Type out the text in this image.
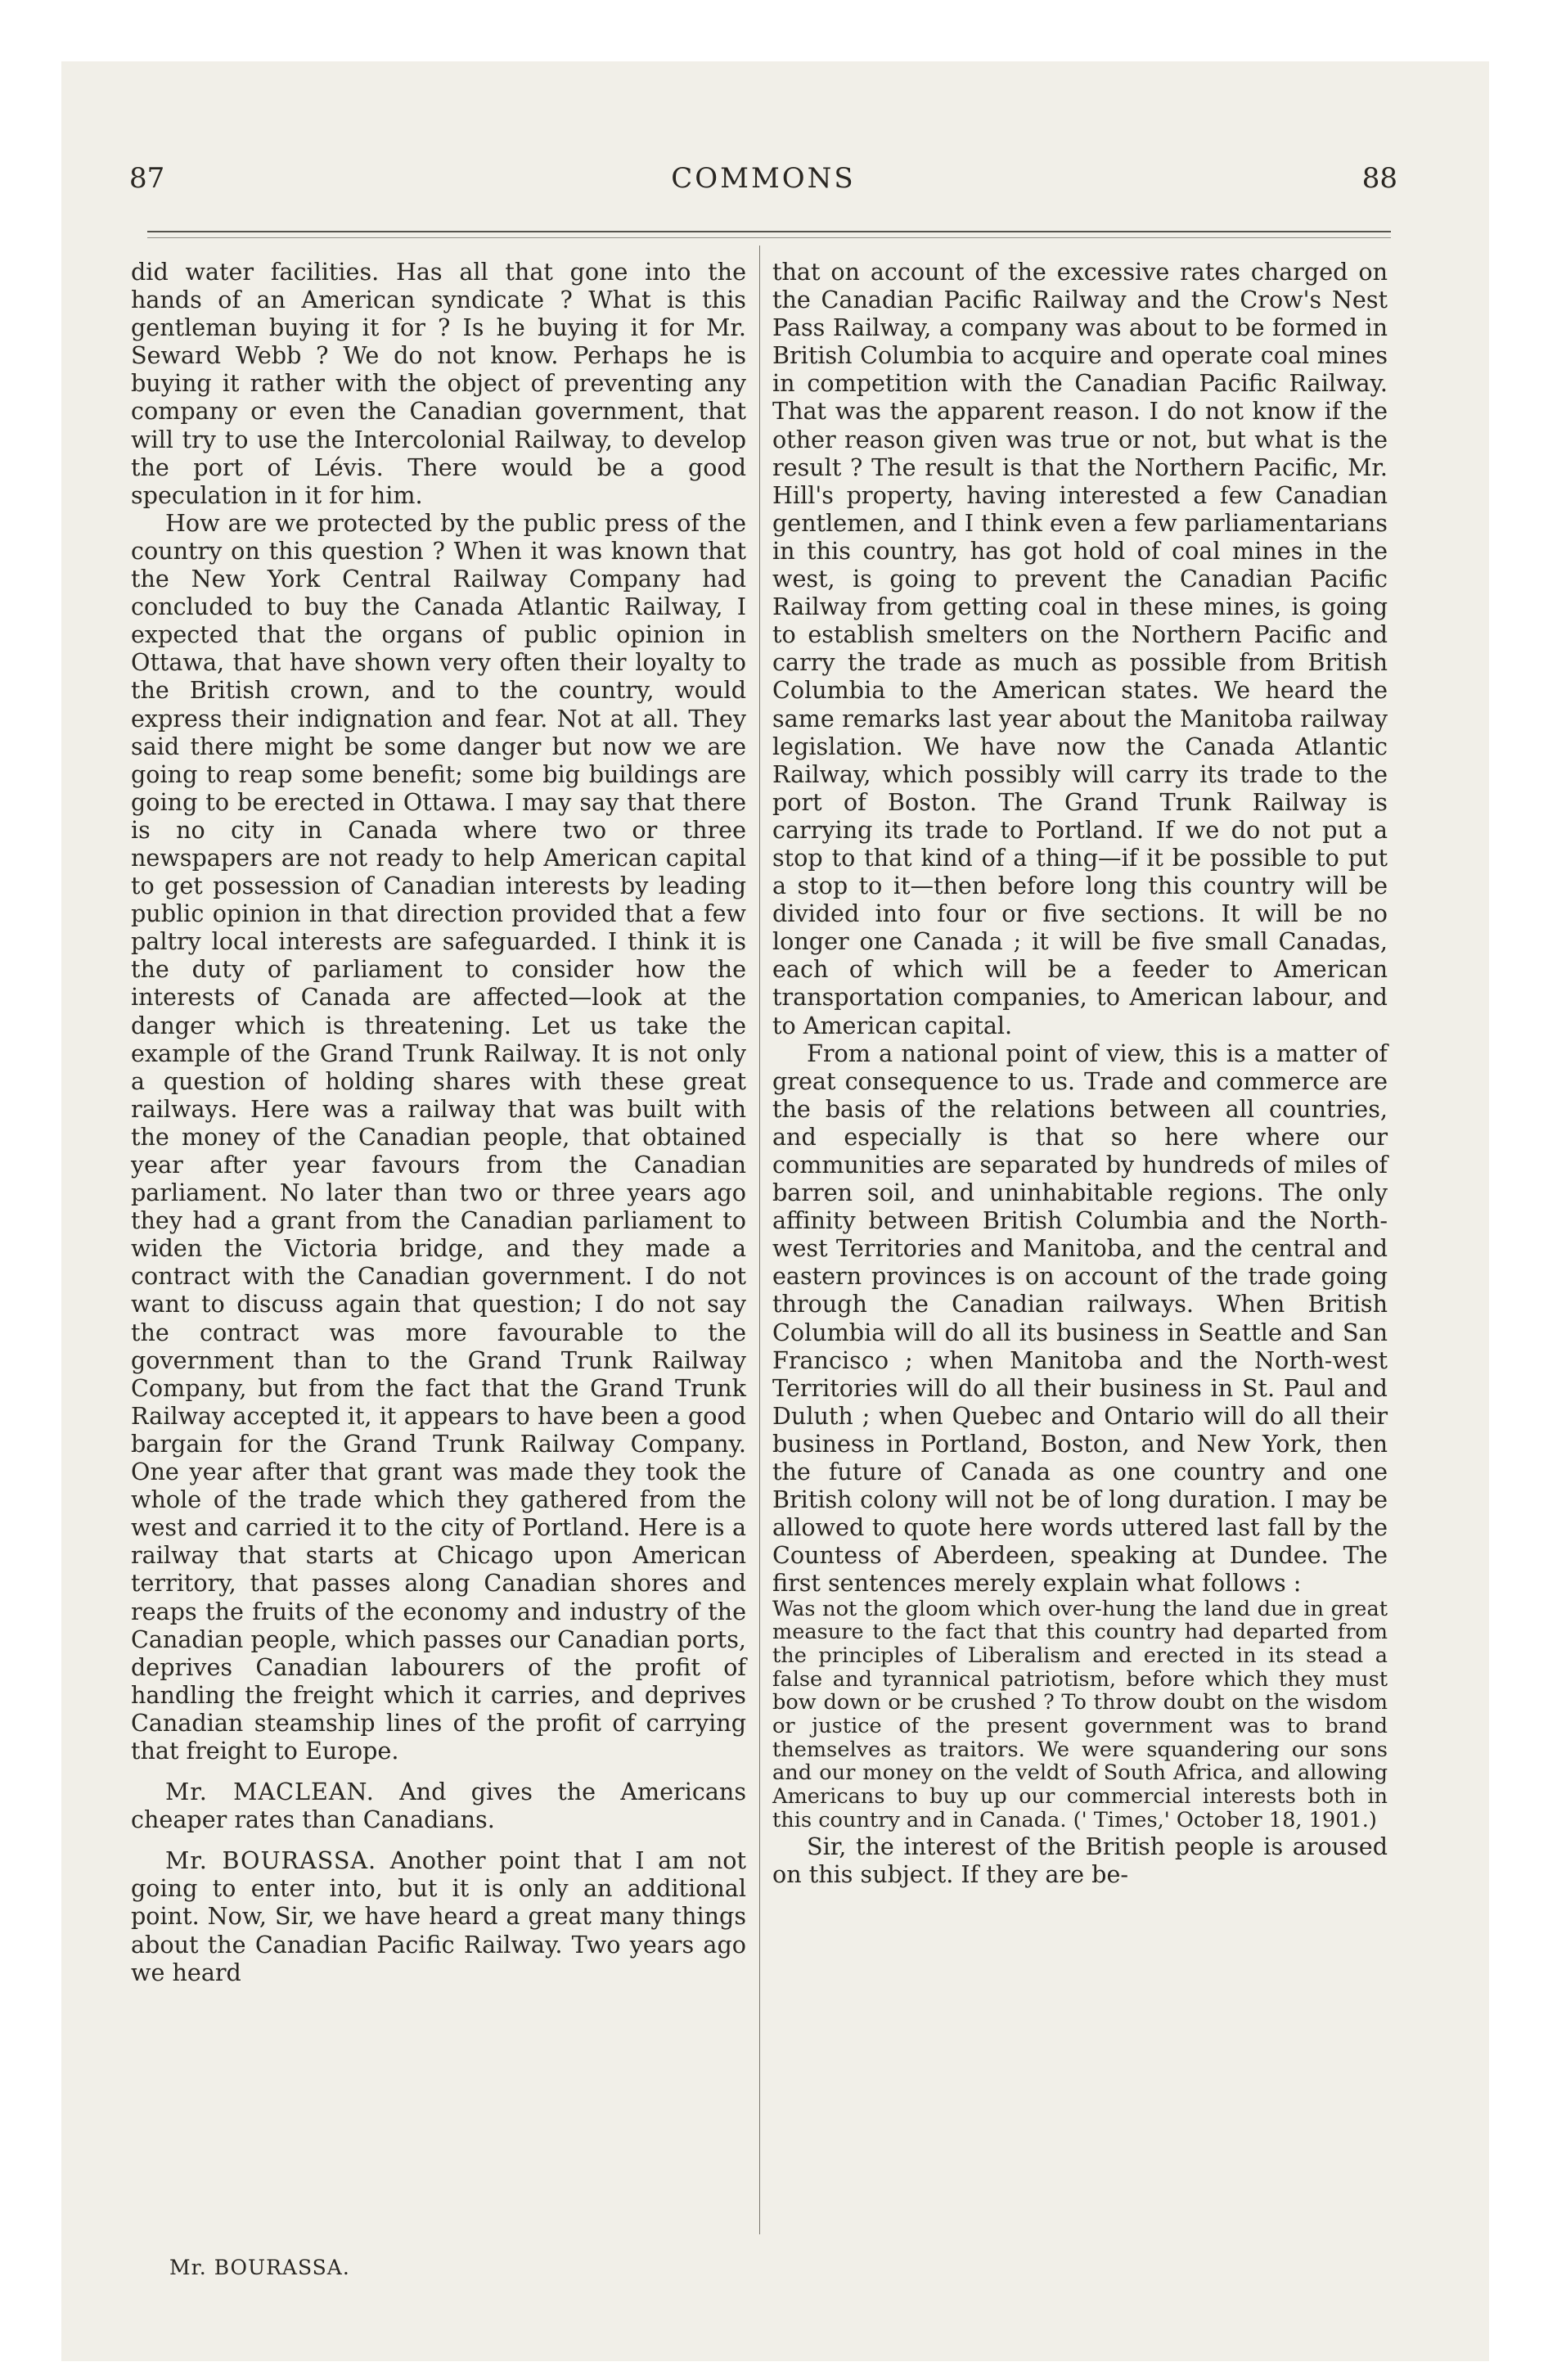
87	COMMONS	88

did water facilities. Has all that gone into the hands of an American syndicate ? What is this gentleman buying it for ? Is he buying it for Mr. Seward Webb ? We do not know. Perhaps he is buying it rather with the object of preventing any company or even the Canadian government, that will try to use the Intercolonial Railway, to develop the port of Lévis. There would be a good speculation in it for him.

How are we protected by the public press of the country on this question ? When it was known that the New York Central Railway Company had concluded to buy the Canada Atlantic Railway, I expected that the organs of public opinion in Ottawa, that have shown very often their loyalty to the British crown, and to the country, would express their indignation and fear. Not at all. They said there might be some danger but now we are going to reap some benefit; some big buildings are going to be erected in Ottawa. I may say that there is no city in Canada where two or three newspapers are not ready to help American capital to get possession of Canadian interests by leading public opinion in that direction provided that a few paltry local interests are safeguarded. I think it is the duty of parliament to consider how the interests of Canada are affected—look at the danger which is threatening. Let us take the example of the Grand Trunk Railway. It is not only a question of holding shares with these great railways. Here was a railway that was built with the money of the Canadian people, that obtained year after year favours from the Canadian parliament. No later than two or three years ago they had a grant from the Canadian parliament to widen the Victoria bridge, and they made a contract with the Canadian government. I do not want to discuss again that question; I do not say the contract was more favourable to the government than to the Grand Trunk Railway Company, but from the fact that the Grand Trunk Railway accepted it, it appears to have been a good bargain for the Grand Trunk Railway Company. One year after that grant was made they took the whole of the trade which they gathered from the west and carried it to the city of Portland. Here is a railway that starts at Chicago upon American territory, that passes along Canadian shores and reaps the fruits of the economy and industry of the Canadian people, which passes our Canadian ports, deprives Canadian labourers of the profit of handling the freight which it carries, and deprives Canadian steamship lines of the profit of carrying that freight to Europe.

Mr. MACLEAN. And gives the Americans cheaper rates than Canadians.

Mr. BOURASSA. Another point that I am not going to enter into, but it is only an additional point. Now, Sir, we have heard a great many things about the Canadian Pacific Railway. Two years ago we heard

that on account of the excessive rates charged on the Canadian Pacific Railway and the Crow's Nest Pass Railway, a company was about to be formed in British Columbia to acquire and operate coal mines in competition with the Canadian Pacific Railway. That was the apparent reason. I do not know if the other reason given was true or not, but what is the result ? The result is that the Northern Pacific, Mr. Hill's property, having interested a few Canadian gentlemen, and I think even a few parliamentarians in this country, has got hold of coal mines in the west, is going to prevent the Canadian Pacific Railway from getting coal in these mines, is going to establish smelters on the Northern Pacific and carry the trade as much as possible from British Columbia to the American states. We heard the same remarks last year about the Manitoba railway legislation. We have now the Canada Atlantic Railway, which possibly will carry its trade to the port of Boston. The Grand Trunk Railway is carrying its trade to Portland. If we do not put a stop to that kind of a thing—if it be possible to put a stop to it—then before long this country will be divided into four or five sections. It will be no longer one Canada ; it will be five small Canadas, each of which will be a feeder to American transportation companies, to American labour, and to American capital.

From a national point of view, this is a matter of great consequence to us. Trade and commerce are the basis of the relations between all countries, and especially is that so here where our communities are separated by hundreds of miles of barren soil, and uninhabitable regions. The only affinity between British Columbia and the North-west Territories and Manitoba, and the central and eastern provinces is on account of the trade going through the Canadian railways. When British Columbia will do all its business in Seattle and San Francisco ; when Manitoba and the North-west Territories will do all their business in St. Paul and Duluth ; when Quebec and Ontario will do all their business in Portland, Boston, and New York, then the future of Canada as one country and one British colony will not be of long duration. I may be allowed to quote here words uttered last fall by the Countess of Aberdeen, speaking at Dundee. The first sentences merely explain what follows :

Was not the gloom which over-hung the land due in great measure to the fact that this country had departed from the principles of Liberalism and erected in its stead a false and tyrannical patriotism, before which they must bow down or be crushed ? To throw doubt on the wisdom or justice of the present government was to brand themselves as traitors. We were squandering our sons and our money on the veldt of South Africa, and allowing Americans to buy up our commercial interests both in this country and in Canada. (' Times,' October 18, 1901.)

Sir, the interest of the British people is aroused on this subject. If they are be-

Mr. BOURASSA.
